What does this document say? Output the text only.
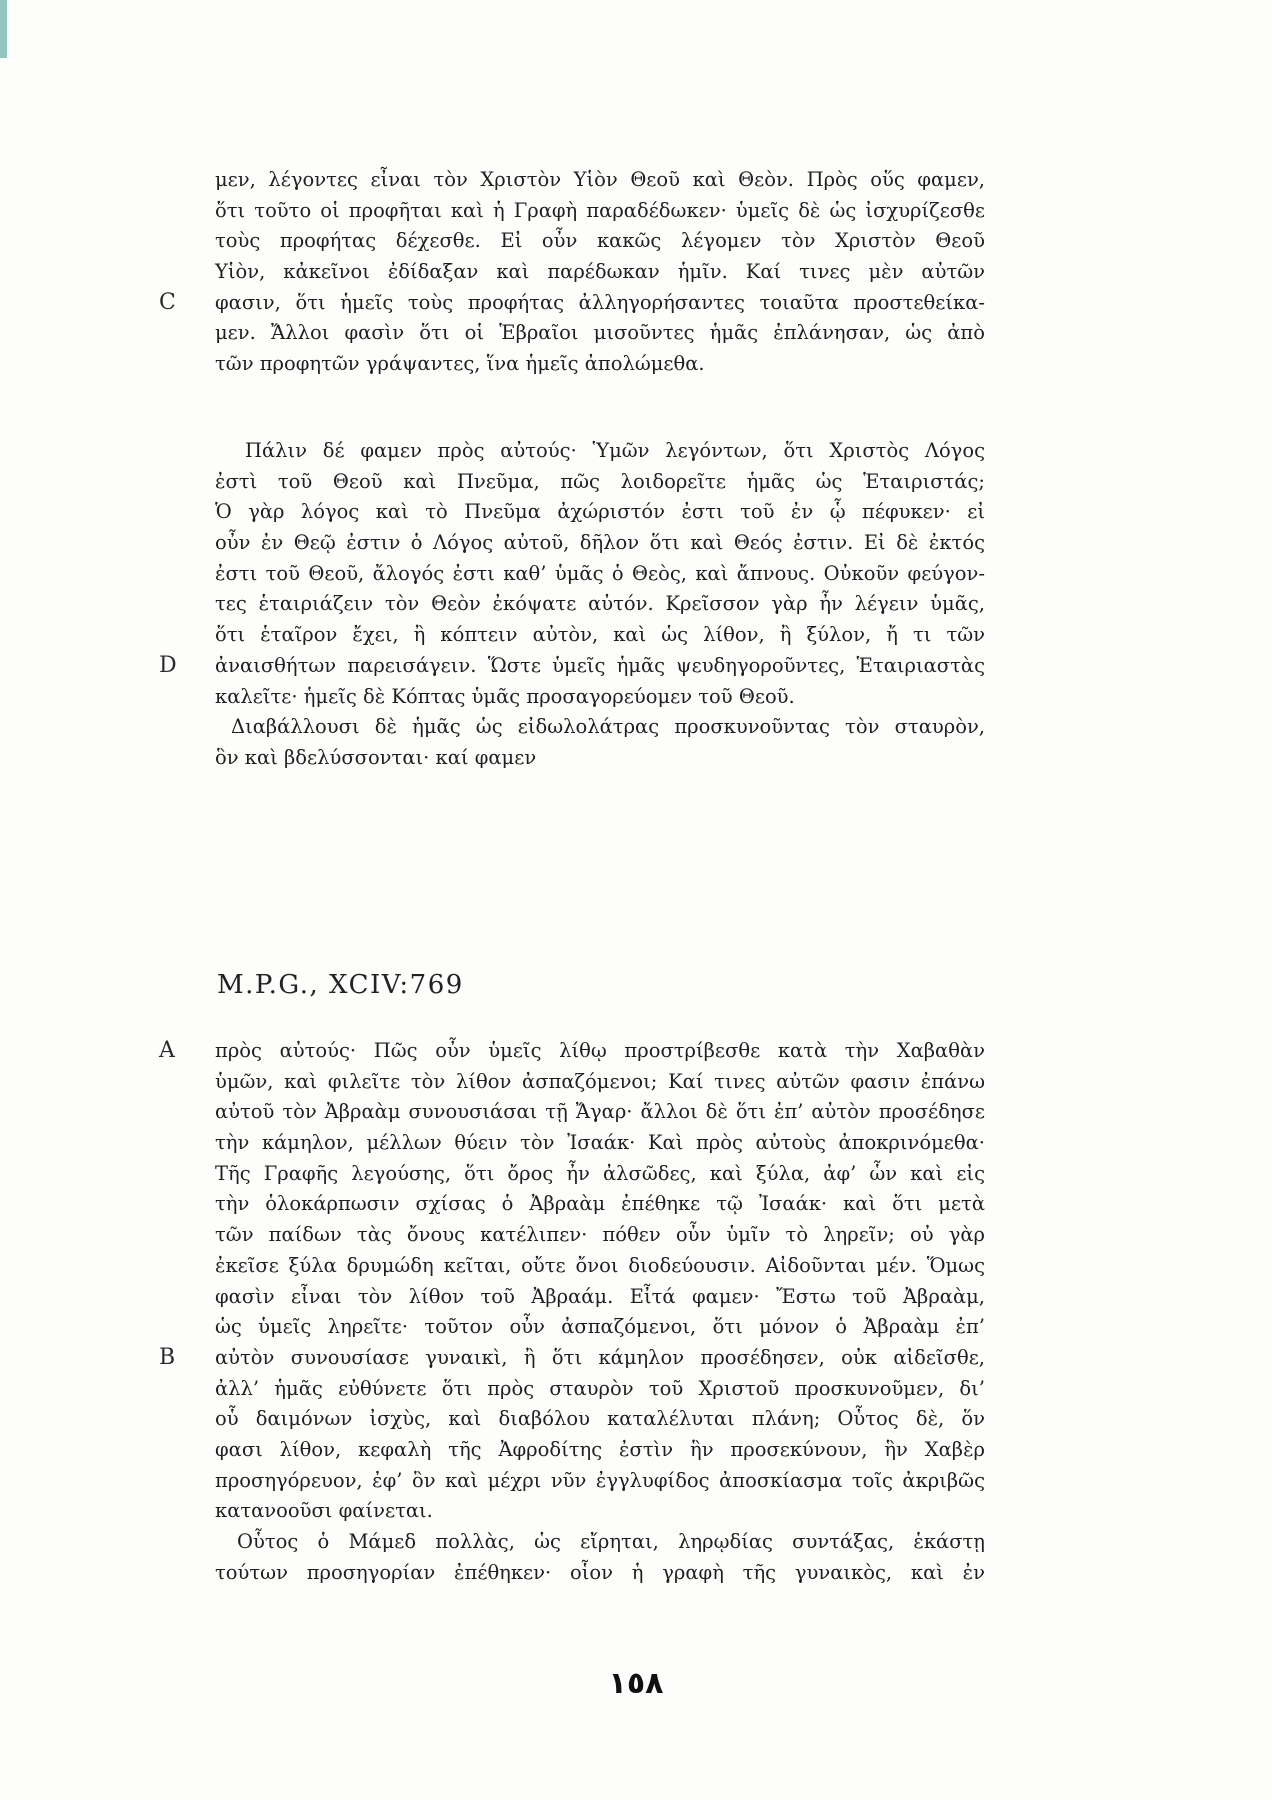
μεν, λέγοντες εἶναι τὸν Χριστὸν Υἱὸν Θεοῦ καὶ Θεὸν. Πρὸς οὕς φαμεν,
ὅτι τοῦτο οἱ προφῆται καὶ ἡ Γραφὴ παραδέδωκεν· ὑμεῖς δὲ ὡς ἰσχυρίζεσθε
τοὺς προφήτας δέχεσθε. Εἰ οὖν κακῶς λέγομεν τὸν Χριστὸν Θεοῦ
Υἱὸν, κἀκεῖνοι ἐδίδαξαν καὶ παρέδωκαν ἡμῖν. Καί τινες μὲν αὐτῶν
C	φασιν, ὅτι ἡμεῖς τοὺς προφήτας ἀλληγορήσαντες τοιαῦτα προστεθείκα-
μεν. Ἄλλοι φασὶν ὅτι οἱ Ἑβραῖοι μισοῦντες ἡμᾶς ἐπλάνησαν, ὡς ἀπὸ
τῶν προφητῶν γράψαντες, ἵνα ἡμεῖς ἀπολώμεθα.
Πάλιν δέ φαμεν πρὸς αὐτούς· Ὑμῶν λεγόντων, ὅτι Χριστὸς Λόγος
ἐστὶ τοῦ Θεοῦ καὶ Πνεῦμα, πῶς λοιδορεῖτε ἡμᾶς ὡς Ἑταιριστάς;
Ὁ γὰρ λόγος καὶ τὸ Πνεῦμα ἀχώριστόν ἐστι τοῦ ἐν ᾧ πέφυκεν· εἰ
οὖν ἐν Θεῷ ἐστιν ὁ Λόγος αὐτοῦ, δῆλον ὅτι καὶ Θεός ἐστιν. Εἰ δὲ ἐκτός
ἐστι τοῦ Θεοῦ, ἄλογός ἐστι καθ’ ὑμᾶς ὁ Θεὸς, καὶ ἄπνους. Οὐκοῦν φεύγον-
τες ἑταιριάζειν τὸν Θεὸν ἐκόψατε αὐτόν. Κρεῖσσον γὰρ ἦν λέγειν ὑμᾶς,
ὅτι ἑταῖρον ἔχει, ἢ κόπτειν αὐτὸν, καὶ ὡς λίθον, ἢ ξύλον, ἤ τι τῶν
D	ἀναισθήτων παρεισάγειν. Ὥστε ὑμεῖς ἡμᾶς ψευδηγοροῦντες, Ἑταιριαστὰς
καλεῖτε· ἡμεῖς δὲ Κόπτας ὑμᾶς προσαγορεύομεν τοῦ Θεοῦ.
Διαβάλλουσι δὲ ἡμᾶς ὡς εἰδωλολάτρας προσκυνοῦντας τὸν σταυρὸν,
ὃν καὶ βδελύσσονται· καί φαμεν
A	πρὸς αὐτούς· Πῶς οὖν ὑμεῖς λίθῳ προστρίβεσθε κατὰ τὴν Χαβαθὰν
ὑμῶν, καὶ φιλεῖτε τὸν λίθον ἀσπαζόμενοι; Καί τινες αὐτῶν φασιν ἐπάνω
αὐτοῦ τὸν Ἀβραὰμ συνουσιάσαι τῇ Ἄγαρ· ἄλλοι δὲ ὅτι ἐπ’ αὐτὸν προσέδησε
τὴν κάμηλον, μέλλων θύειν τὸν Ἰσαάκ· Καὶ πρὸς αὐτοὺς ἀποκρινόμεθα·
Τῆς Γραφῆς λεγούσης, ὅτι ὄρος ἦν ἀλσῶδες, καὶ ξύλα, ἀφ’ ὧν καὶ εἰς
τὴν ὁλοκάρπωσιν σχίσας ὁ Ἀβραὰμ ἐπέθηκε τῷ Ἰσαάκ· καὶ ὅτι μετὰ
τῶν παίδων τὰς ὄνους κατέλιπεν· πόθεν οὖν ὑμῖν τὸ ληρεῖν; οὐ γὰρ
ἐκεῖσε ξύλα δρυμώδη κεῖται, οὔτε ὄνοι διοδεύουσιν. Αἰδοῦνται μέν. Ὅμως
φασὶν εἶναι τὸν λίθον τοῦ Ἀβραάμ. Εἶτά φαμεν· Ἔστω τοῦ Ἀβραὰμ,
ὡς ὑμεῖς ληρεῖτε· τοῦτον οὖν ἀσπαζόμενοι, ὅτι μόνον ὁ Ἀβραὰμ ἐπ’
B	αὐτὸν συνουσίασε γυναικὶ, ἢ ὅτι κάμηλον προσέδησεν, οὐκ αἰδεῖσθε,
ἀλλ’ ἡμᾶς εὐθύνετε ὅτι πρὸς σταυρὸν τοῦ Χριστοῦ προσκυνοῦμεν, δι’
οὗ δαιμόνων ἰσχὺς, καὶ διαβόλου καταλέλυται πλάνη; Οὗτος δὲ, ὅν
φασι λίθον, κεφαλὴ τῆς Ἀφροδίτης ἐστὶν ἣν προσεκύνουν, ἣν Χαβὲρ
προσηγόρευον, ἐφ’ ὃν καὶ μέχρι νῦν ἐγγλυφίδος ἀποσκίασμα τοῖς ἀκριβῶς
κατανοοῦσι φαίνεται.
Οὗτος ὁ Μάμεδ πολλὰς, ὡς εἴρηται, ληρῳδίας συντάξας, ἑκάστῃ
τούτων προσηγορίαν ἐπέθηκεν· οἷον ἡ γραφὴ τῆς γυναικὸς, καὶ ἐν
M.P.G., XCIV:769
١٥٨
